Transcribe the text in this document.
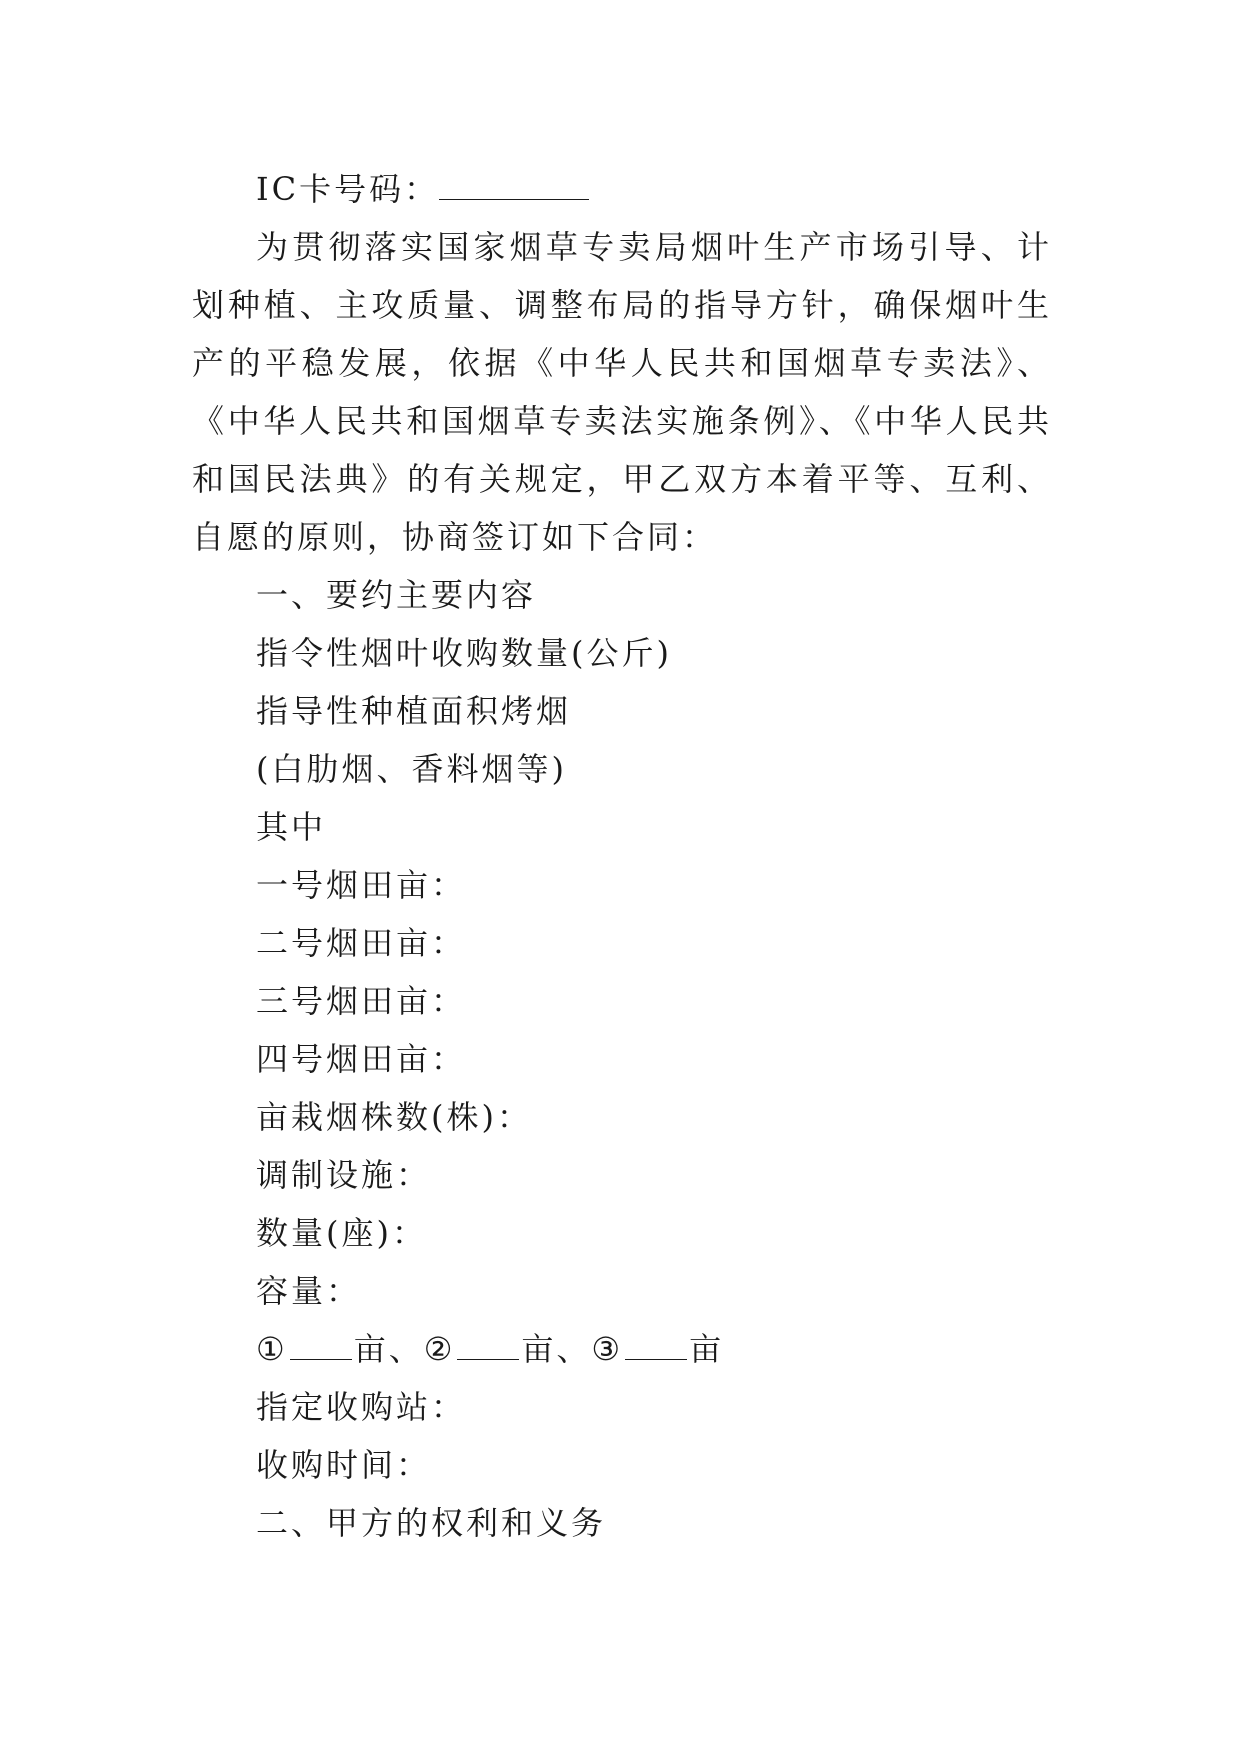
IC卡号码：

为贯彻落实国家烟草专卖局烟叶生产市场引导、计划种植、主攻质量、调整布局的指导方针，确保烟叶生产的平稳发展，依据《中华人民共和国烟草专卖法》、《中华人民共和国烟草专卖法实施条例》、《中华人民共和国民法典》的有关规定，甲乙双方本着平等、互利、自愿的原则，协商签订如下合同：

一、要约主要内容
指令性烟叶收购数量(公斤)
指导性种植面积烤烟
(白肋烟、香料烟等)
其中
一号烟田亩：
二号烟田亩：
三号烟田亩：
四号烟田亩：
亩栽烟株数(株)：
调制设施：
数量(座)：
容量：
① 亩、② 亩、③ 亩
指定收购站：
收购时间：
二、甲方的权利和义务
